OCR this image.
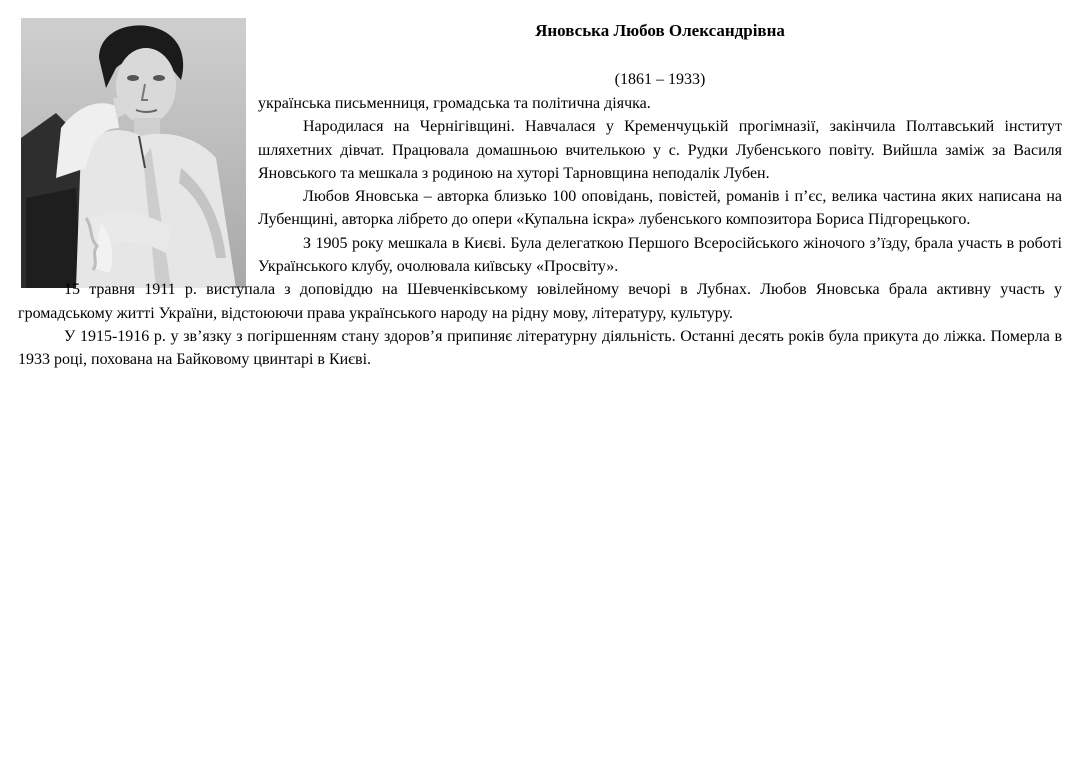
Яновська Любов Олександрівна

(1861 – 1933)

українська письменниця, громадська та політична діячка.

Народилася на Чернігівщині. Навчалася у Кременчуцькій прогімназії, закінчила Полтавський інститут шляхетних дівчат. Працювала домашньою вчителькою у с. Рудки Лубенського повіту. Вийшла заміж за Василя Яновського та мешкала з родиною на хуторі Тарновщина неподалік Лубен.

Любов Яновська – авторка близько 100 оповідань, повістей, романів і п’єс, велика частина яких написана на Лубенщині, авторка лібрето до опери «Купальна іскра» лубенського композитора Бориса Підгорецького.

З 1905 року мешкала в Києві. Була делегаткою Першого Всеросійського жіночого з’їзду, брала участь в роботі Українського клубу, очолювала київську «Просвіту».

15 травня 1911 р. виступала з доповіддю на Шевченківському ювілейному вечорі в Лубнах. Любов Яновська брала активну участь у громадському житті України, відстоюючи права українського народу на рідну мову, літературу, культуру.

У 1915-1916 р. у зв’язку з погіршенням стану здоров’я припиняє літературну діяльність. Останні десять років була прикута до ліжка. Померла в 1933 році, похована на Байковому цвинтарі в Києві.
